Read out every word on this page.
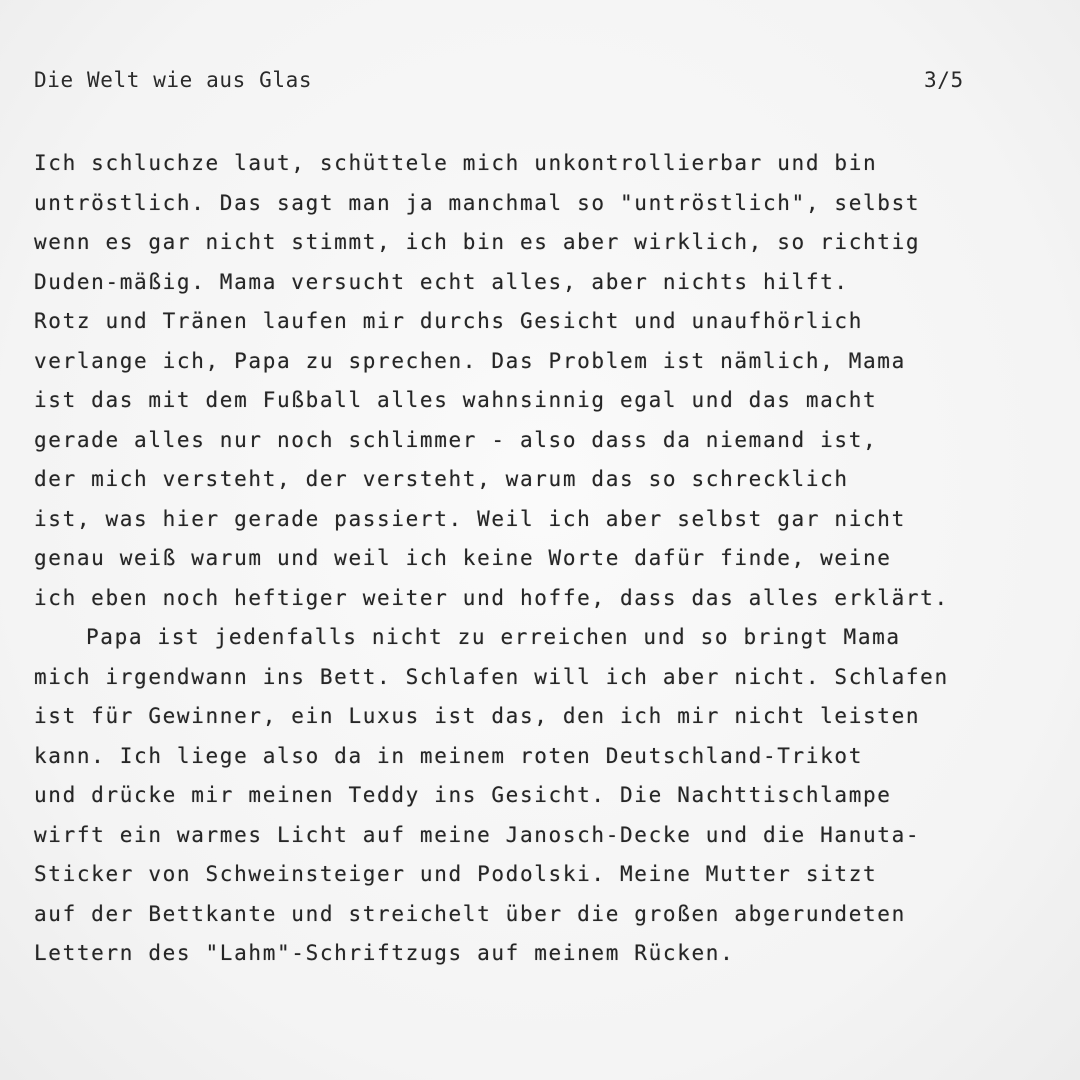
Die Welt wie aus Glas	3/5
Ich schluchze laut, schüttele mich unkontrollierbar und bin
untröstlich. Das sagt man ja manchmal so "untröstlich", selbst
wenn es gar nicht stimmt, ich bin es aber wirklich, so richtig
Duden-mäßig. Mama versucht echt alles, aber nichts hilft.
Rotz und Tränen laufen mir durchs Gesicht und unaufhörlich
verlange ich, Papa zu sprechen. Das Problem ist nämlich, Mama
ist das mit dem Fußball alles wahnsinnig egal und das macht
gerade alles nur noch schlimmer - also dass da niemand ist,
der mich versteht, der versteht, warum das so schrecklich
ist, was hier gerade passiert. Weil ich aber selbst gar nicht
genau weiß warum und weil ich keine Worte dafür finde, weine
ich eben noch heftiger weiter und hoffe, dass das alles erklärt.
Papa ist jedenfalls nicht zu erreichen und so bringt Mama
mich irgendwann ins Bett. Schlafen will ich aber nicht. Schlafen
ist für Gewinner, ein Luxus ist das, den ich mir nicht leisten
kann. Ich liege also da in meinem roten Deutschland-Trikot
und drücke mir meinen Teddy ins Gesicht. Die Nachttischlampe
wirft ein warmes Licht auf meine Janosch-Decke und die Hanuta-
Sticker von Schweinsteiger und Podolski. Meine Mutter sitzt
auf der Bettkante und streichelt über die großen abgerundeten
Lettern des "Lahm"-Schriftzugs auf meinem Rücken.
